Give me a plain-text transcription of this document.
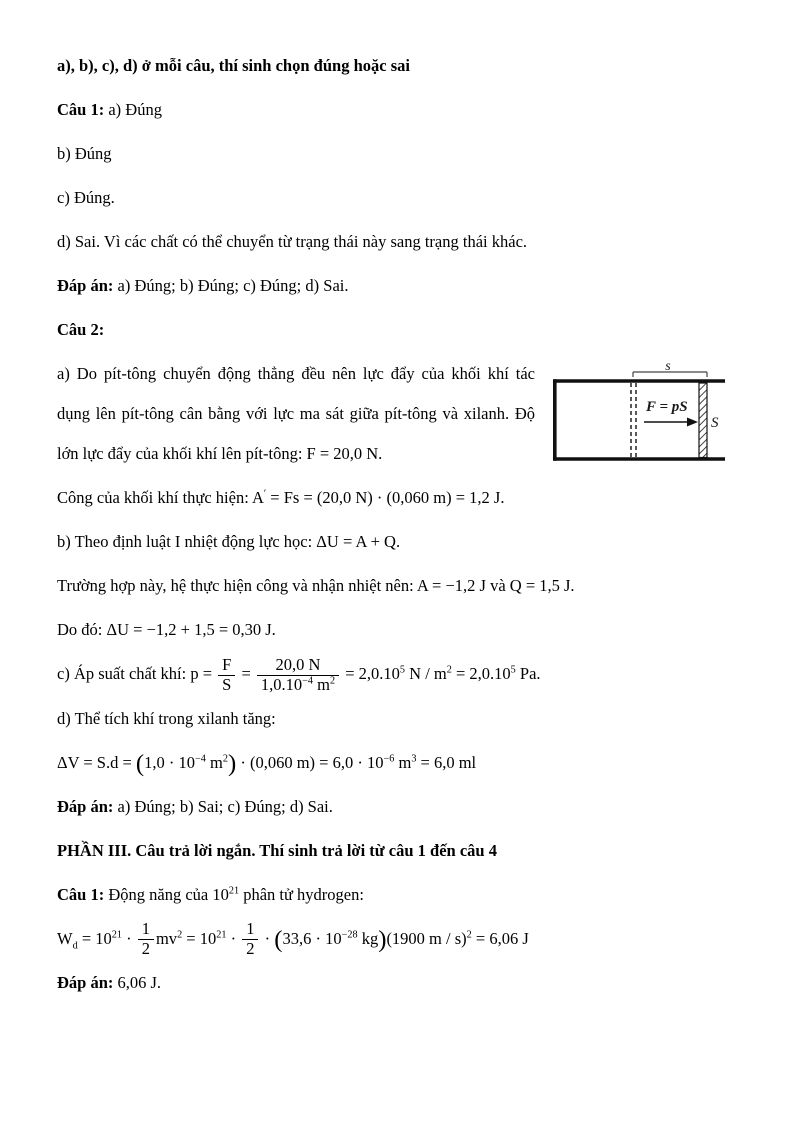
a), b), c), d) ở mỗi câu, thí sinh chọn đúng hoặc sai

Câu 1: a) Đúng

b) Đúng

c) Đúng.

d) Sai. Vì các chất có thể chuyển từ trạng thái này sang trạng thái khác.

Đáp án: a) Đúng; b) Đúng; c) Đúng; d) Sai.

Câu 2:

s
F = pS
S
a) Do pít-tông chuyển động thẳng đều nên lực đẩy của khối khí tác dụng lên pít-tông cân bằng với lực ma sát giữa pít-tông và xilanh. Độ lớn lực đẩy của khối khí lên pít-tông: F = 20,0 N.

Công của khối khí thực hiện: A′ = Fs = (20,0 N) · (0,060 m) = 1,2 J.

b) Theo định luật I nhiệt động lực học: ΔU = A + Q.

Trường hợp này, hệ thực hiện công và nhận nhiệt nên: A = −1,2 J và Q = 1,5 J.

Do đó: ΔU = −1,2 + 1,5 = 0,30 J.

c) Áp suất chất khí: $p = \frac{F}{S} = \frac{20,0 N}{1,0.10^{-4} m^2} = 2,0.10^5$ $N / m^2 = 2,0.10^5$ Pa.

d) Thể tích khí trong xilanh tăng:

$\Delta V = S.d = (1,0 \cdot 10^{-4}$ $m^2) \cdot (0,060$ $m) = 6,0 \cdot 10^{-6}$ $m^3 = 6,0$ ml

Đáp án: a) Đúng; b) Sai; c) Đúng; d) Sai.

PHẦN III. Câu trả lời ngắn. Thí sinh trả lời từ câu 1 đến câu 4

Câu 1: Động năng của $10^{21}$ phân tử hydrogen:

$W_d = 10^{21} \cdot \frac{1}{2} mv^2 = 10^{21} \cdot \frac{1}{2} \cdot (33,6 \cdot 10^{-28}$ kg)(1900 m / s)$^2$ = 6,06 J

Đáp án: 6,06 J.
